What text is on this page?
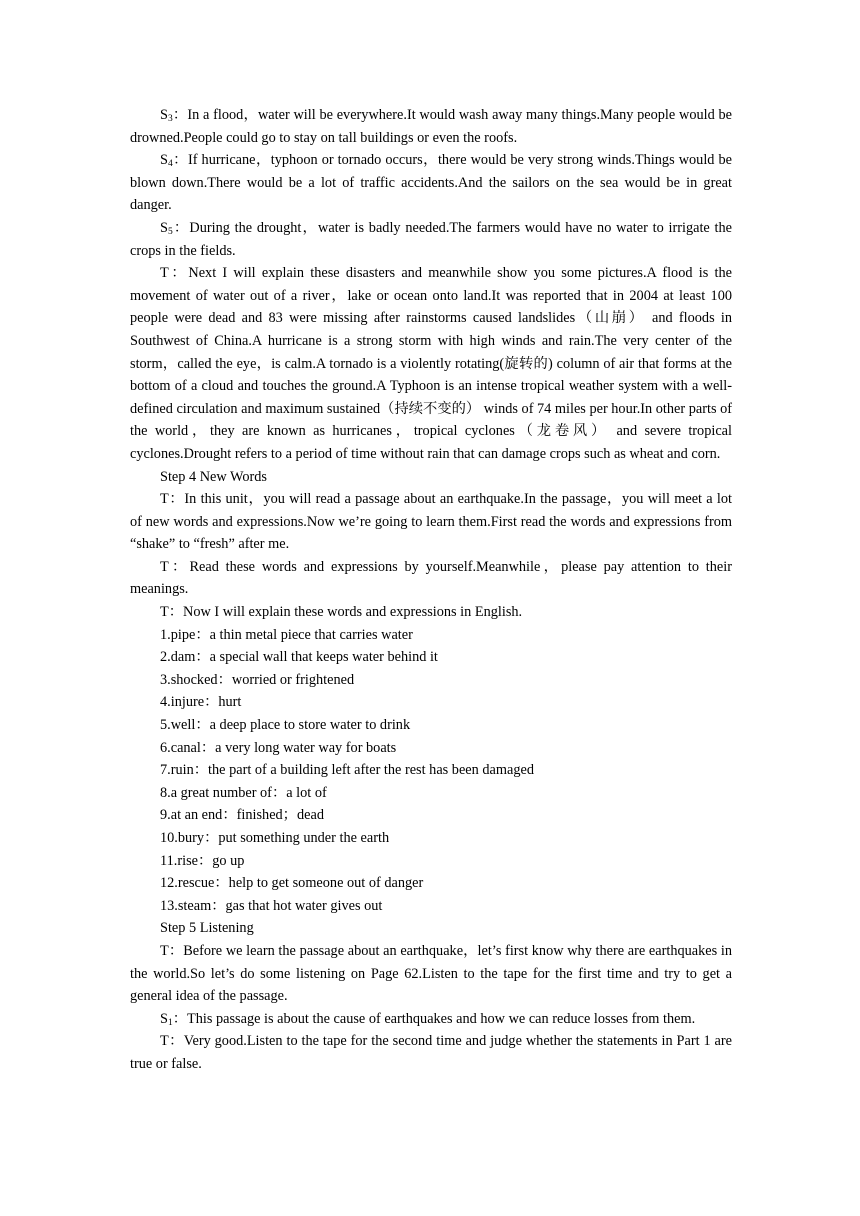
$S_3$：In a flood，water will be everywhere.It would wash away many things.Many people would be drowned.People could go to stay on tall buildings or even the roofs.

$S_4$：If hurricane，typhoon or tornado occurs，there would be very strong winds.Things would be blown down.There would be a lot of traffic accidents.And the sailors on the sea would be in great danger.

$S_5$：During the drought，water is badly needed.The farmers would have no water to irrigate the crops in the fields.

T：Next I will explain these disasters and meanwhile show you some pictures.A flood is the movement of water out of a river，lake or ocean onto land.It was reported that in 2004 at least 100 people were dead and 83 were missing after rainstorms caused landslides（山崩） and floods in Southwest of China.A hurricane is a strong storm with high winds and rain.The very center of the storm，called the eye，is calm.A tornado is a violently rotating(旋转的) column of air that forms at the bottom of a cloud and touches the ground.A Typhoon is an intense tropical weather system with a well-defined circulation and maximum sustained（持续不变的） winds of 74 miles per hour.In other parts of the world，they are known as hurricanes，tropical cyclones（龙卷风） and severe tropical cyclones.Drought refers to a period of time without rain that can damage crops such as wheat and corn.

Step 4 New Words

T：In this unit，you will read a passage about an earthquake.In the passage，you will meet a lot of new words and expressions.Now we’re going to learn them.First read the words and expressions from “shake” to “fresh” after me.

T：Read these words and expressions by yourself.Meanwhile，please pay attention to their meanings.

T：Now I will explain these words and expressions in English.

1.pipe：a thin metal piece that carries water

2.dam：a special wall that keeps water behind it

3.shocked：worried or frightened

4.injure：hurt

5.well：a deep place to store water to drink

6.canal：a very long water way for boats

7.ruin：the part of a building left after the rest has been damaged

8.a great number of：a lot of

9.at an end：finished；dead

10.bury：put something under the earth

11.rise：go up

12.rescue：help to get someone out of danger

13.steam：gas that hot water gives out

Step 5 Listening

T：Before we learn the passage about an earthquake，let’s first know why there are earthquakes in the world.So let’s do some listening on Page 62.Listen to the tape for the first time and try to get a general idea of the passage.

$S_1$：This passage is about the cause of earthquakes and how we can reduce losses from them.

T：Very good.Listen to the tape for the second time and judge whether the statements in Part 1 are true or false.
